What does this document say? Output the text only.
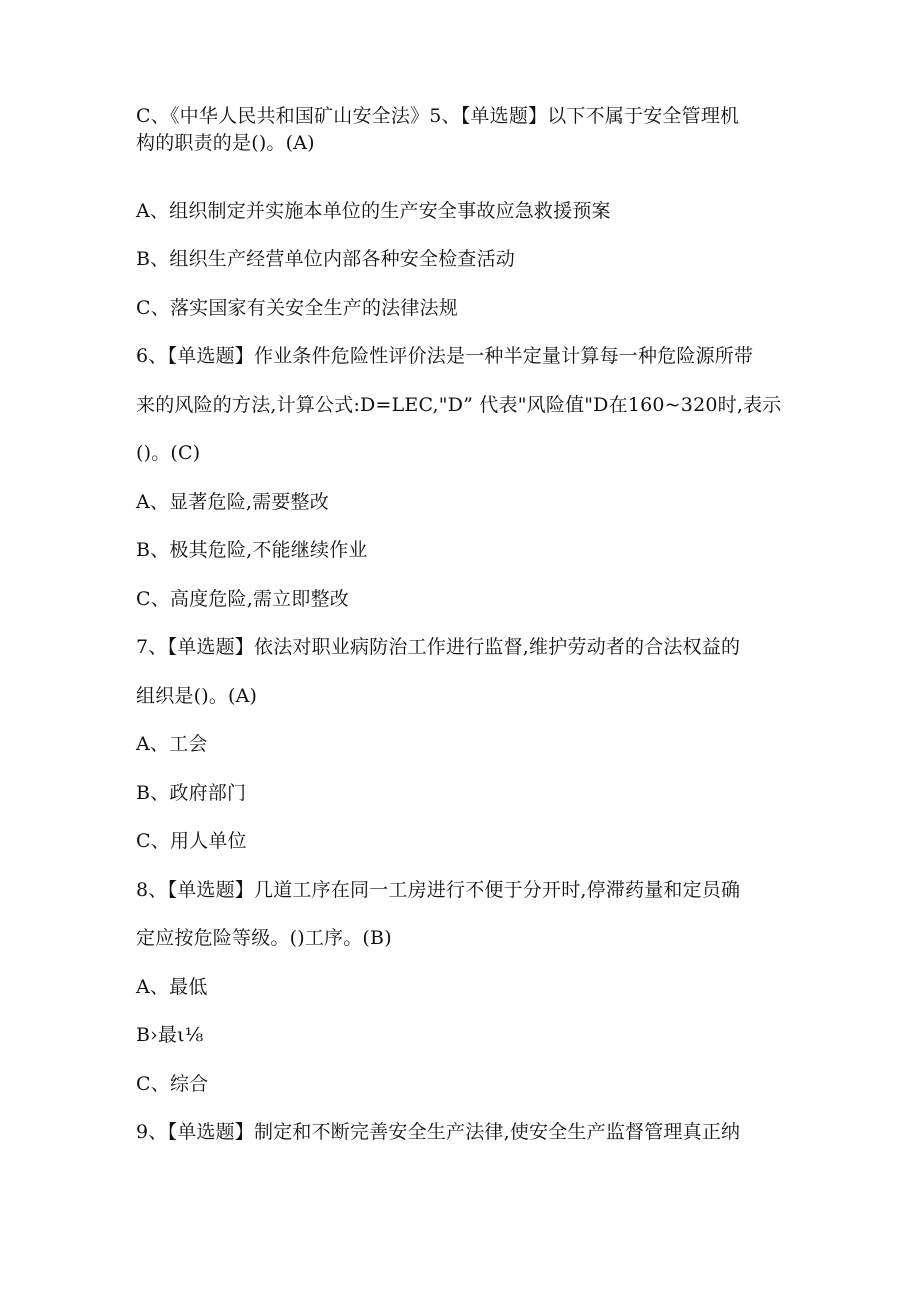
C、《中华人民共和国矿山安全法》5、【单选题】以下不属于安全管理机
构的职责的是()。(A)
A、组织制定并实施本单位的生产安全事故应急救援预案
B、组织生产经营单位内部各种安全检查活动
C、落实国家有关安全生产的法律法规
6、【单选题】作业条件危险性评价法是一种半定量计算每一种危险源所带
来的风险的方法,计算公式:D=LEC,"D” 代表"风险值"D在160~320时,表示
()。(C)
A、显著危险,需要整改
B、极其危险,不能继续作业
C、高度危险,需立即整改
7、【单选题】依法对职业病防治工作进行监督,维护劳动者的合法权益的
组织是()。(A)
A、工会
B、政府部门
C、用人单位
8、【单选题】几道工序在同一工房进行不便于分开时,停滞药量和定员确
定应按危险等级。()工序。(B)
A、最低
B›最ι⅛
C、综合
9、【单选题】制定和不断完善安全生产法律,使安全生产监督管理真正纳
